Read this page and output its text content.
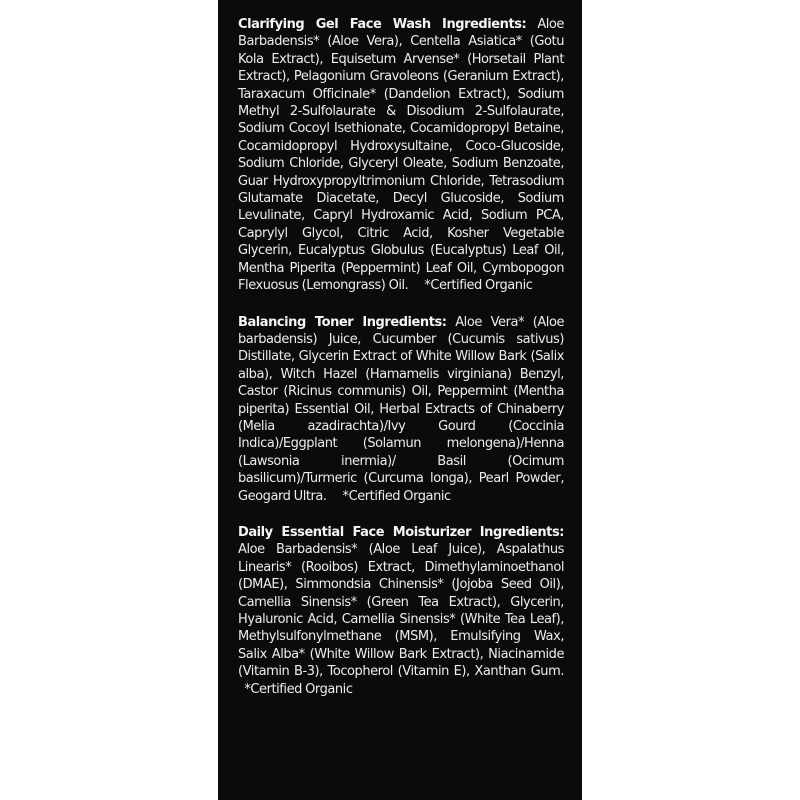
Clarifying Gel Face Wash Ingredients: Aloe Barbadensis* (Aloe Vera), Centella Asiatica* (Gotu Kola Extract), Equisetum Arvense* (Horsetail Plant Extract), Pelagonium Gravoleons (Geranium Extract), Taraxacum Officinale* (Dandelion Extract), Sodium Methyl 2-Sulfolaurate & Disodium 2-Sulfolaurate, Sodium Cocoyl Isethionate, Cocamidopropyl Betaine, Cocamidopropyl Hydroxysultaine, Coco-Glucoside, Sodium Chloride, Glyceryl Oleate, Sodium Benzoate, Guar Hydroxypropyltrimonium Chloride, Tetrasodium Glutamate Diacetate, Decyl Glucoside, Sodium Levulinate, Capryl Hydroxamic Acid, Sodium PCA, Caprylyl Glycol, Citric Acid, Kosher Vegetable Glycerin, Eucalyptus Globulus (Eucalyptus) Leaf Oil, Mentha Piperita (Peppermint) Leaf Oil, Cymbopogon Flexuosus (Lemongrass) Oil. *Certified Organic

Balancing Toner Ingredients: Aloe Vera* (Aloe barbadensis) Juice, Cucumber (Cucumis sativus) Distillate, Glycerin Extract of White Willow Bark (Salix alba), Witch Hazel (Hamamelis virginiana) Benzyl, Castor (Ricinus communis) Oil, Peppermint (Mentha piperita) Essential Oil, Herbal Extracts of Chinaberry (Melia azadirachta)/Ivy Gourd (Coccinia Indica)/Eggplant (Solamun melongena)/Henna (Lawsonia inermia)/ Basil (Ocimum basilicum)/Turmeric (Curcuma longa), Pearl Powder, Geogard Ultra. *Certified Organic

Daily Essential Face Moisturizer Ingredients: Aloe Barbadensis* (Aloe Leaf Juice), Aspalathus Linearis* (Rooibos) Extract, Dimethylaminoethanol (DMAE), Simmondsia Chinensis* (Jojoba Seed Oil), Camellia Sinensis* (Green Tea Extract), Glycerin, Hyaluronic Acid, Camellia Sinensis* (White Tea Leaf), Methylsulfonylmethane (MSM), Emulsifying Wax, Salix Alba* (White Willow Bark Extract), Niacinamide (Vitamin B-3), Tocopherol (Vitamin E), Xanthan Gum.   *Certified Organic
